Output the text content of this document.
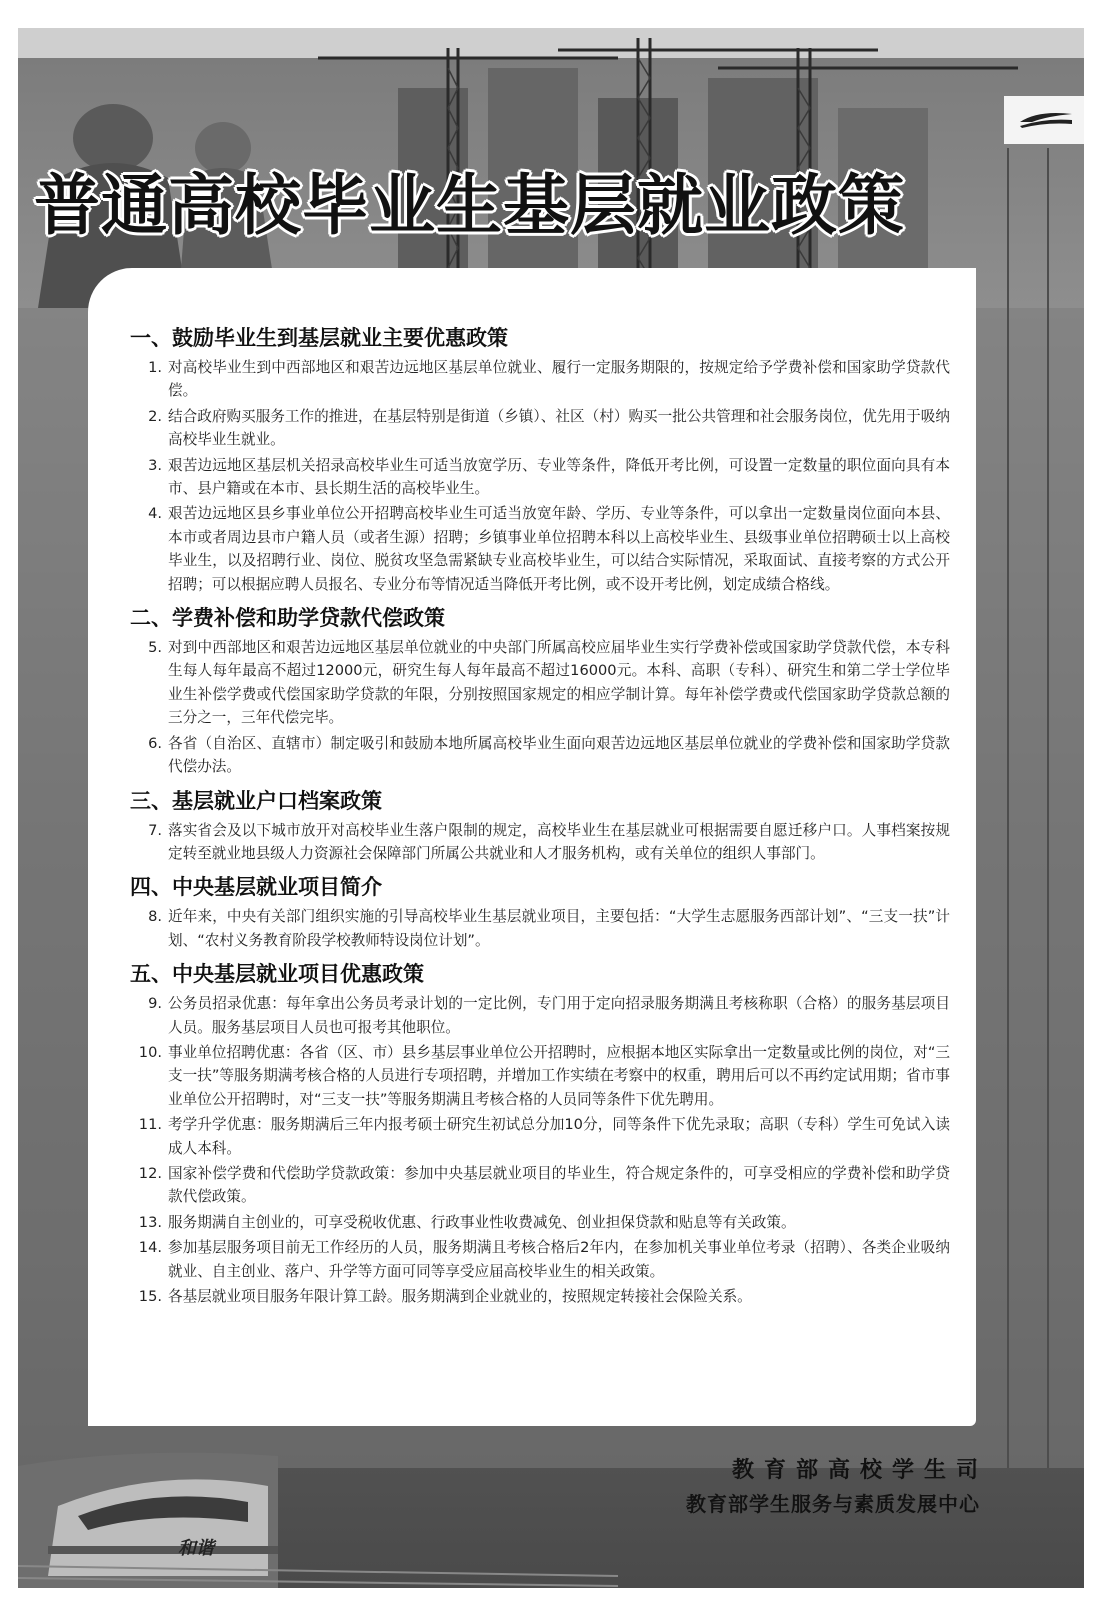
普通高校毕业生基层就业政策
一、鼓励毕业生到基层就业主要优惠政策
1. 对高校毕业生到中西部地区和艰苦边远地区基层单位就业、履行一定服务期限的，按规定给予学费补偿和国家助学贷款代偿。
2. 结合政府购买服务工作的推进，在基层特别是街道（乡镇）、社区（村）购买一批公共管理和社会服务岗位，优先用于吸纳高校毕业生就业。
3. 艰苦边远地区基层机关招录高校毕业生可适当放宽学历、专业等条件，降低开考比例，可设置一定数量的职位面向具有本市、县户籍或在本市、县长期生活的高校毕业生。
4. 艰苦边远地区县乡事业单位公开招聘高校毕业生可适当放宽年龄、学历、专业等条件，可以拿出一定数量岗位面向本县、本市或者周边县市户籍人员（或者生源）招聘；乡镇事业单位招聘本科以上高校毕业生、县级事业单位招聘硕士以上高校毕业生，以及招聘行业、岗位、脱贫攻坚急需紧缺专业高校毕业生，可以结合实际情况，采取面试、直接考察的方式公开招聘；可以根据应聘人员报名、专业分布等情况适当降低开考比例，或不设开考比例，划定成绩合格线。
二、学费补偿和助学贷款代偿政策
5. 对到中西部地区和艰苦边远地区基层单位就业的中央部门所属高校应届毕业生实行学费补偿或国家助学贷款代偿，本专科生每人每年最高不超过12000元，研究生每人每年最高不超过16000元。本科、高职（专科）、研究生和第二学士学位毕业生补偿学费或代偿国家助学贷款的年限，分别按照国家规定的相应学制计算。每年补偿学费或代偿国家助学贷款总额的三分之一，三年代偿完毕。
6. 各省（自治区、直辖市）制定吸引和鼓励本地所属高校毕业生面向艰苦边远地区基层单位就业的学费补偿和国家助学贷款代偿办法。
三、基层就业户口档案政策
7. 落实省会及以下城市放开对高校毕业生落户限制的规定，高校毕业生在基层就业可根据需要自愿迁移户口。人事档案按规定转至就业地县级人力资源社会保障部门所属公共就业和人才服务机构，或有关单位的组织人事部门。
四、中央基层就业项目简介
8. 近年来，中央有关部门组织实施的引导高校毕业生基层就业项目，主要包括：“大学生志愿服务西部计划”、“三支一扶”计划、“农村义务教育阶段学校教师特设岗位计划”。
五、中央基层就业项目优惠政策
9. 公务员招录优惠：每年拿出公务员考录计划的一定比例，专门用于定向招录服务期满且考核称职（合格）的服务基层项目人员。服务基层项目人员也可报考其他职位。
10. 事业单位招聘优惠：各省（区、市）县乡基层事业单位公开招聘时，应根据本地区实际拿出一定数量或比例的岗位，对“三支一扶”等服务期满考核合格的人员进行专项招聘，并增加工作实绩在考察中的权重，聘用后可以不再约定试用期；省市事业单位公开招聘时，对“三支一扶”等服务期满且考核合格的人员同等条件下优先聘用。
11. 考学升学优惠：服务期满后三年内报考硕士研究生初试总分加10分，同等条件下优先录取；高职（专科）学生可免试入读成人本科。
12. 国家补偿学费和代偿助学贷款政策：参加中央基层就业项目的毕业生，符合规定条件的，可享受相应的学费补偿和助学贷款代偿政策。
13. 服务期满自主创业的，可享受税收优惠、行政事业性收费减免、创业担保贷款和贴息等有关政策。
14. 参加基层服务项目前无工作经历的人员，服务期满且考核合格后2年内，在参加机关事业单位考录（招聘）、各类企业吸纳就业、自主创业、落户、升学等方面可同等享受应届高校毕业生的相关政策。
15. 各基层就业项目服务年限计算工龄。服务期满到企业就业的，按照规定转接社会保险关系。
和谐
教育部高校学生司
教育部学生服务与素质发展中心
